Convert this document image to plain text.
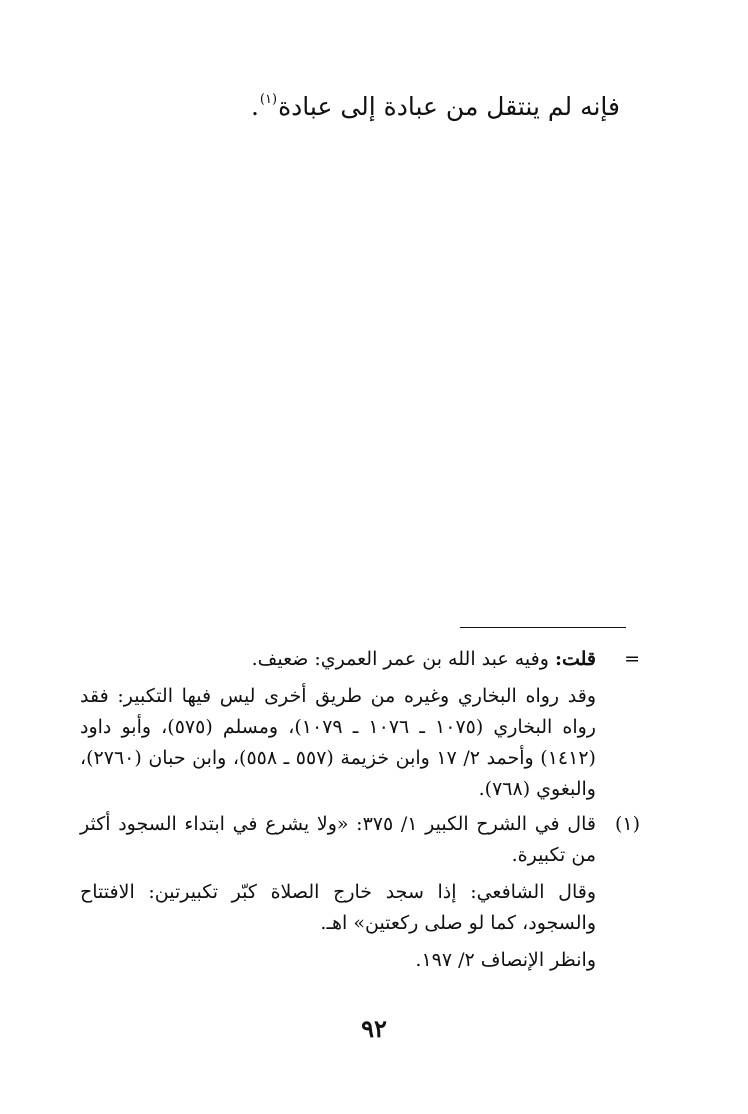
فإنه لم ينتقل من عبادة إلى عبادة$^{(١)}$.
=

قلت: وفيه عبد الله بن عمر العمري: ضعيف.

وقد رواه البخاري وغيره من طريق أخرى ليس فيها التكبير: فقد رواه البخاري (١٠٧٥ ـ ١٠٧٦ ـ ١٠٧٩)، ومسلم (٥٧٥)، وأبو داود (١٤١٢) وأحمد ٢/ ١٧ وابن خزيمة (٥٥٧ ـ ٥٥٨)، وابن حبان (٢٧٦٠)، والبغوي (٧٦٨).

(١)

قال في الشرح الكبير ١/ ٣٧٥: «ولا يشرع في ابتداء السجود أكثر من تكبيرة.

وقال الشافعي: إذا سجد خارج الصلاة كبّر تكبيرتين: الافتتاح والسجود، كما لو صلى ركعتين» اهـ.

وانظر الإنصاف ٢/ ١٩٧.

٩٢
